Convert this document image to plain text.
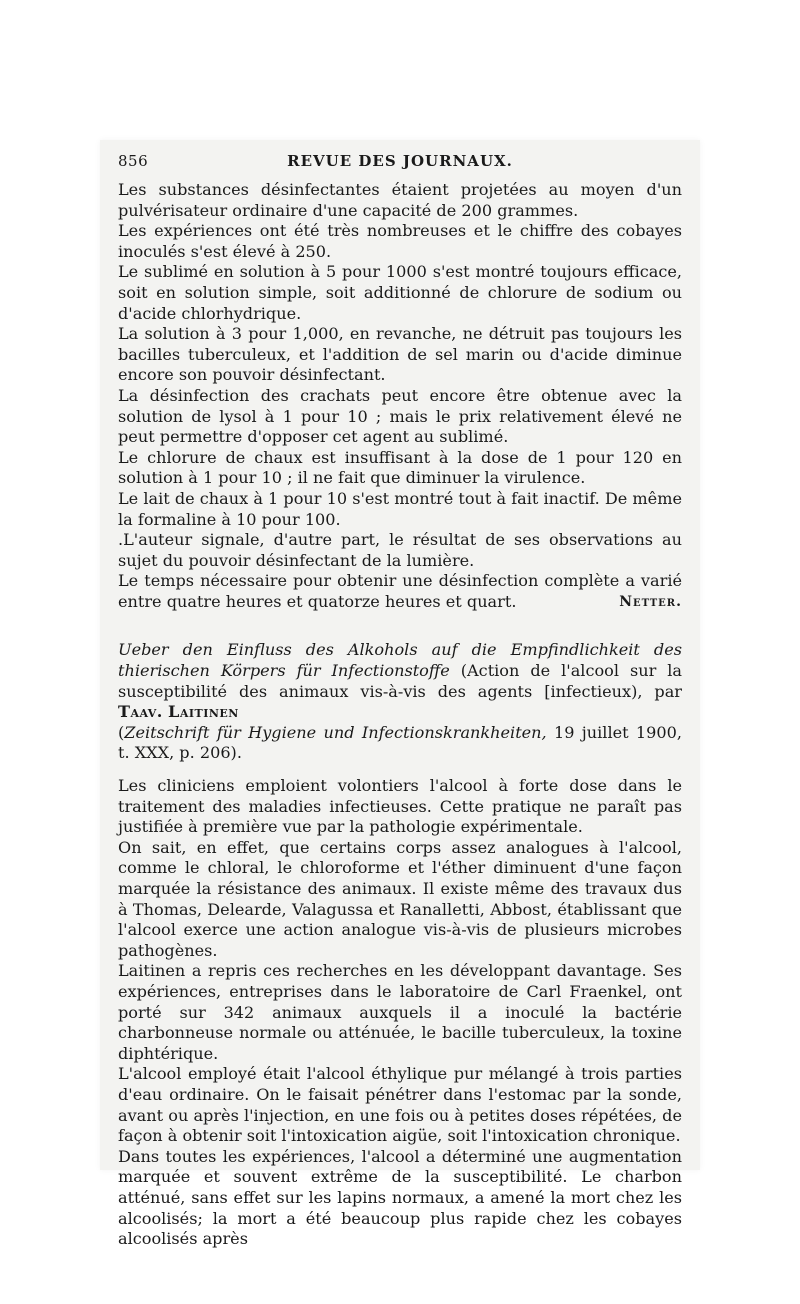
856	REVUE DES JOURNAUX.

Les substances désinfectantes étaient projetées au moyen d'un pulvérisateur ordinaire d'une capacité de 200 grammes.

Les expériences ont été très nombreuses et le chiffre des cobayes inoculés s'est élevé à 250.

Le sublimé en solution à 5 pour 1000 s'est montré toujours efficace, soit en solution simple, soit additionné de chlorure de sodium ou d'acide chlorhydrique.

La solution à 3 pour 1,000, en revanche, ne détruit pas toujours les bacilles tuberculeux, et l'addition de sel marin ou d'acide diminue encore son pouvoir désinfectant.

La désinfection des crachats peut encore être obtenue avec la solution de lysol à 1 pour 10 ; mais le prix relativement élevé ne peut permettre d'opposer cet agent au sublimé.

Le chlorure de chaux est insuffisant à la dose de 1 pour 120 en solution à 1 pour 10 ; il ne fait que diminuer la virulence.

Le lait de chaux à 1 pour 10 s'est montré tout à fait inactif. De même la formaline à 10 pour 100.

.L'auteur signale, d'autre part, le résultat de ses observations au sujet du pouvoir désinfectant de la lumière.

Le temps nécessaire pour obtenir une désinfection complète a varié entre quatre heures et quatorze heures et quart.	Netter.

Ueber den Einfluss des Alkohols auf die Empfindlichkeit des thierischen Körpers für Infectionstoffe (Action de l'alcool sur la susceptibilité des animaux vis-à-vis des agents [infectieux), par Taav. Laitinen
(Zeitschrift für Hygiene und Infectionskrankheiten, 19 juillet 1900, t. XXX, p. 206).

Les cliniciens emploient volontiers l'alcool à forte dose dans le traitement des maladies infectieuses. Cette pratique ne paraît pas justifiée à première vue par la pathologie expérimentale.

On sait, en effet, que certains corps assez analogues à l'alcool, comme le chloral, le chloroforme et l'éther diminuent d'une façon marquée la résistance des animaux. Il existe même des travaux dus à Thomas, Delearde, Valagussa et Ranalletti, Abbost, établissant que l'alcool exerce une action analogue vis-à-vis de plusieurs microbes pathogènes.

Laitinen a repris ces recherches en les développant davantage. Ses expériences, entreprises dans le laboratoire de Carl Fraenkel, ont porté sur 342 animaux auxquels il a inoculé la bactérie charbonneuse normale ou atténuée, le bacille tuberculeux, la toxine diphtérique.

L'alcool employé était l'alcool éthylique pur mélangé à trois parties d'eau ordinaire. On le faisait pénétrer dans l'estomac par la sonde, avant ou après l'injection, en une fois ou à petites doses répétées, de façon à obtenir soit l'intoxication aigüe, soit l'intoxication chronique.

Dans toutes les expériences, l'alcool a déterminé une augmentation marquée et souvent extrême de la susceptibilité. Le charbon atténué, sans effet sur les lapins normaux, a amené la mort chez les alcoolisés; la mort a été beaucoup plus rapide chez les cobayes alcoolisés après
